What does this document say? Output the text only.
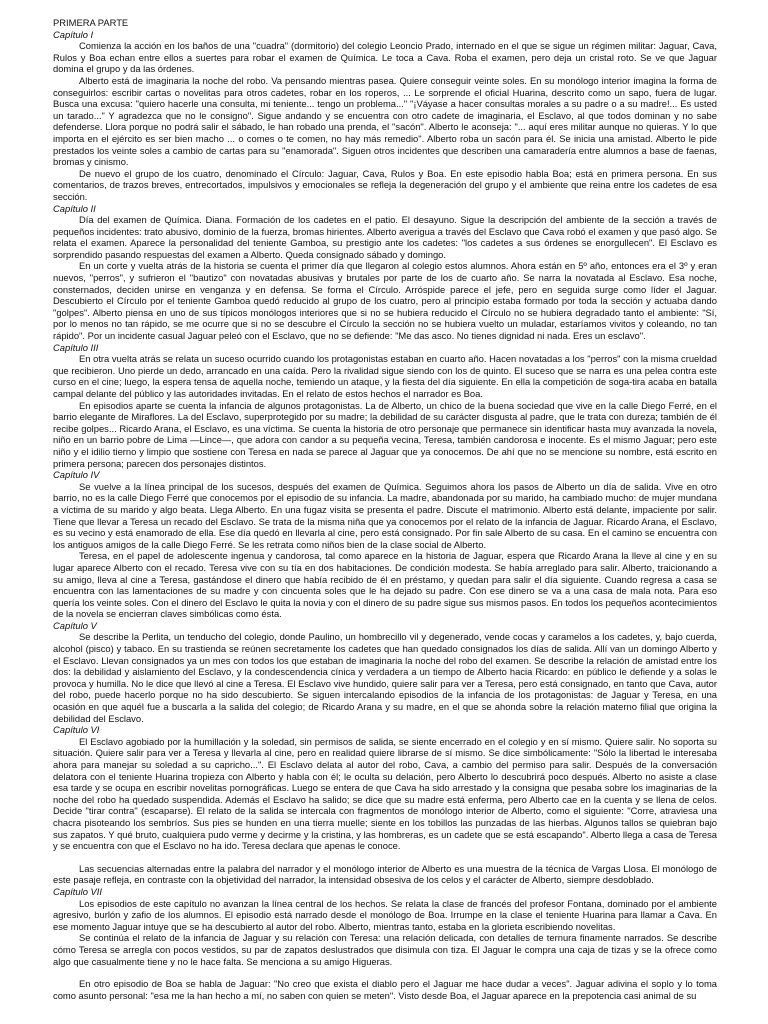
PRIMERA PARTE

Capítulo I

Comienza la acción en los baños de una "cuadra" (dormitorio) del colegio Leoncio Prado, internado en el que se sigue un régimen militar: Jaguar, Cava, Rulos y Boa echan entre ellos a suertes para robar el examen de Química. Le toca a Cava. Roba el examen, pero deja un cristal roto. Se ve que Jaguar domina el grupo y da las órdenes.

Alberto está de imaginaria la noche del robo. Va pensando mientras pasea. Quiere conseguir veinte soles. En su monólogo interior imagina la forma de conseguirlos: escribir cartas o novelitas para otros cadetes, robar en los roperos, ... Le sorprende el oficial Huarina, descrito como un sapo, fuera de lugar. Busca una excusa: "quiero hacerle una consulta, mi teniente... tengo un problema..." "¡Váyase a hacer consultas morales a su padre o a su madre!... Es usted un tarado..." Y agradezca que no le consigno". Sigue andando y se encuentra con otro cadete de imaginaria, el Esclavo, al que todos dominan y no sabe defenderse. Llora porque no podrá salir el sábado, le han robado una prenda, el "sacón". Alberto le aconseja: "... aquí eres militar aunque no quieras. Y lo que importa en el ejército es ser bien macho ... o comes o te comen, no hay más remedio". Alberto roba un sacón para él. Se inicia una amistad. Alberto le pide prestados los veinte soles a cambio de cartas para su "enamorada". Siguen otros incidentes que describen una camaradería entre alumnos a base de faenas, bromas y cinismo.

De nuevo el grupo de los cuatro, denominado el Círculo: Jaguar, Cava, Rulos y Boa. En este episodio habla Boa; está en primera persona. En sus comentarios, de trazos breves, entrecortados, impulsivos y emocionales se refleja la degeneración del grupo y el ambiente que reina entre los cadetes de esa sección.

Capítulo II

Día del examen de Química. Diana. Formación de los cadetes en el patio. El desayuno. Sigue la descripción del ambiente de la sección a través de pequeños incidentes: trato abusivo, dominio de la fuerza, bromas hirientes. Alberto averigua a través del Esclavo que Cava robó el examen y que pasó algo. Se relata el examen. Aparece la personalidad del teniente Gamboa, su prestigio ante los cadetes: "los cadetes a sus órdenes se enorgullecen". El Esclavo es sorprendido pasando respuestas del examen a Alberto. Queda consignado sábado y domingo.

En un corte y vuelta atrás de la historia se cuenta el primer día que llegaron al colegio estos alumnos. Ahora están en 5º año, entonces era el 3º y eran nuevos, "perros", y sufrieron el "bautizo" con novatadas abusivas y brutales por parte de los de cuarto año. Se narra la novatada al Esclavo. Esa noche, consternados, deciden unirse en venganza y en defensa. Se forma el Círculo. Arróspide parece el jefe, pero en seguida surge como líder el Jaguar. Descubierto el Círculo por el teniente Gamboa quedó reducido al grupo de los cuatro, pero al principio estaba formado por toda la sección y actuaba dando "golpes". Alberto piensa en uno de sus típicos monólogos interiores que si no se hubiera reducido el Círculo no se hubiera degradado tanto el ambiente: "Sí, por lo menos no tan rápido, se me ocurre que si no se descubre el Círculo la sección no se hubiera vuelto un muladar, estaríamos vivitos y coleando, no tan rápido". Por un incidente casual Jaguar peleó con el Esclavo, que no se defiende: "Me das asco. No tienes dignidad ni nada. Eres un esclavo".

Capítulo III

En otra vuelta atrás se relata un suceso ocurrido cuando los protagonistas estaban en cuarto año. Hacen novatadas a los "perros" con la misma crueldad que recibieron. Uno pierde un dedo, arrancado en una caída. Pero la rivalidad sigue siendo con los de quinto. El suceso que se narra es una pelea contra este curso en el cine; luego, la espera tensa de aquella noche, temiendo un ataque, y la fiesta del día siguiente. En ella la competición de soga-tira acaba en batalla campal delante del público y las autoridades invitadas. En el relato de estos hechos el narrador es Boa.

En episodios aparte se cuenta la infancia de algunos protagonistas. La de Alberto, un chico de la buena sociedad que vive en la calle Diego Ferré, en el barrio elegante de Miraflores. La del Esclavo, superprotegido por su madre; la debilidad de su carácter disgusta al padre, que le trata con dureza; también de él recibe golpes... Ricardo Arana, el Esclavo, es una víctima. Se cuenta la historia de otro personaje que permanece sin identificar hasta muy avanzada la novela, niño en un barrio pobre de Lima —Lince—, que adora con candor a su pequeña vecina, Teresa, también candorosa e inocente. Es el mismo Jaguar; pero este niño y el idilio tierno y limpio que sostiene con Teresa en nada se parece al Jaguar que ya conocemos. De ahí que no se mencione su nombre, está escrito en primera persona; parecen dos personajes distintos.

Capítulo IV

Se vuelve a la línea principal de los sucesos, después del examen de Química. Seguimos ahora los pasos de Alberto un día de salida. Vive en otro barrio, no es la calle Diego Ferré que conocemos por el episodio de su infancia. La madre, abandonada por su marido, ha cambiado mucho: de mujer mundana a víctima de su marido y algo beata. Llega Alberto. En una fugaz visita se presenta el padre. Discute el matrimonio. Alberto está delante, impaciente por salir. Tiene que llevar a Teresa un recado del Esclavo. Se trata de la misma niña que ya conocemos por el relato de la infancia de Jaguar. Ricardo Arana, el Esclavo, es su vecino y está enamorado de ella. Ese día quedó en llevarla al cine, pero está consignado. Por fin sale Alberto de su casa. En el camino se encuentra con los antiguos amigos de la calle Diego Ferré. Se les retrata como niños bien de la clase social de Alberto.

Teresa, en el papel de adolescente ingenua y candorosa, tal como aparece en la historia de Jaguar, espera que Ricardo Arana la lleve al cine y en su lugar aparece Alberto con el recado. Teresa vive con su tía en dos habitaciones. De condición modesta. Se había arreglado para salir. Alberto, traicionando a su amigo, lleva al cine a Teresa, gastándose el dinero que había recibido de él en préstamo, y quedan para salir el día siguiente. Cuando regresa a casa se encuentra con las lamentaciones de su madre y con cincuenta soles que le ha dejado su padre. Con ese dinero se va a una casa de mala nota. Para eso quería los veinte soles. Con el dinero del Esclavo le quita la novia y con el dinero de su padre sigue sus mismos pasos. En todos los pequeños acontecimientos de la novela se encierran claves simbólicas como ésta.

Capítulo V

Se describe la Perlita, un tenducho del colegio, donde Paulino, un hombrecillo vil y degenerado, vende cocas y caramelos a los cadetes, y, bajo cuerda, alcohol (pisco) y tabaco. En su trastienda se reúnen secretamente los cadetes que han quedado consignados los días de salida. Allí van un domingo Alberto y el Esclavo. Llevan consignados ya un mes con todos los que estaban de imaginaria la noche del robo del examen. Se describe la relación de amistad entre los dos: la debilidad y aislamiento del Esclavo, y la condescendencia cínica y verdadera a un tiempo de Alberto hacia Ricardo: en público le defiende y a solas le provoca y humilla. No le dice que llevó al cine a Teresa. El Esclavo vive hundido, quiere salir para ver a Teresa, pero está consignado, en tanto que Cava, autor del robo, puede hacerlo porque no ha sido descubierto. Se siguen intercalando episodios de la infancia de los protagonistas: de Jaguar y Teresa, en una ocasión en que aquél fue a buscarla a la salida del colegio; de Ricardo Arana y su madre, en el que se ahonda sobre la relación materno filial que origina la debilidad del Esclavo.

Capítulo VI

El Esclavo agobiado por la humillación y la soledad, sin permisos de salida, se siente encerrado en el colegio y en sí mismo. Quiere salir. No soporta su situación. Quiere salir para ver a Teresa y llevarla al cine, pero en realidad quiere librarse de sí mismo. Se dice simbólicamente: "Sólo la libertad le interesaba ahora para manejar su soledad a su capricho...". El Esclavo delata al autor del robo, Cava, a cambio del permiso para salir. Después de la conversación delatora con el teniente Huarina tropieza con Alberto y habla con él; le oculta su delación, pero Alberto lo descubrirá poco después. Alberto no asiste a clase esa tarde y se ocupa en escribir novelitas pornográficas. Luego se entera de que Cava ha sido arrestado y la consigna que pesaba sobre los imaginarias de la noche del robo ha quedado suspendida. Además el Esclavo ha salido; se dice que su madre está enferma, pero Alberto cae en la cuenta y se llena de celos. Decide "tirar contra" (escaparse). El relato de la salida se intercala con fragmentos de monólogo interior de Alberto, como el siguiente: "Corre, atraviesa una chacra pisoteando los sembríos. Sus pies se hunden en una tierra muelle; siente en los tobillos las punzadas de las hierbas. Algunos tallos se quiebran bajo sus zapatos. Y qué bruto, cualquiera pudo verme y decirme y la cristina, y las hombreras, es un cadete que se está escapando". Alberto llega a casa de Teresa y se encuentra con que el Esclavo no ha ido. Teresa declara que apenas le conoce.

Las secuencias alternadas entre la palabra del narrador y el monólogo interior de Alberto es una muestra de la técnica de Vargas Llosa. El monólogo de este pasaje refleja, en contraste con la objetividad del narrador, la intensidad obsesiva de los celos y el carácter de Alberto, siempre desdoblado.

Capítulo VII

Los episodios de este capítulo no avanzan la línea central de los hechos. Se relata la clase de francés del profesor Fontana, dominado por el ambiente agresivo, burlón y zafio de los alumnos. El episodio está narrado desde el monólogo de Boa. Irrumpe en la clase el teniente Huarina para llamar a Cava. En ese momento Jaguar intuye que se ha descubierto al autor del robo. Alberto, mientras tanto, estaba en la glorieta escribiendo novelitas.

Se continúa el relato de la infancia de Jaguar y su relación con Teresa: una relación delicada, con detalles de ternura finamente narrados. Se describe cómo Teresa se arregla con pocos vestidos, su par de zapatos deslustrados que disimula con tiza. El Jaguar le compra una caja de tizas y se la ofrece como algo que casualmente tiene y no le hace falta. Se menciona a su amigo Higueras.

En otro episodio de Boa se habla de Jaguar: "No creo que exista el diablo pero el Jaguar me hace dudar a veces". Jaguar adivina el soplo y lo toma como asunto personal: "esa me la han hecho a mí, no saben con quien se meten". Visto desde Boa, el Jaguar aparece en la prepotencia casi animal de su
